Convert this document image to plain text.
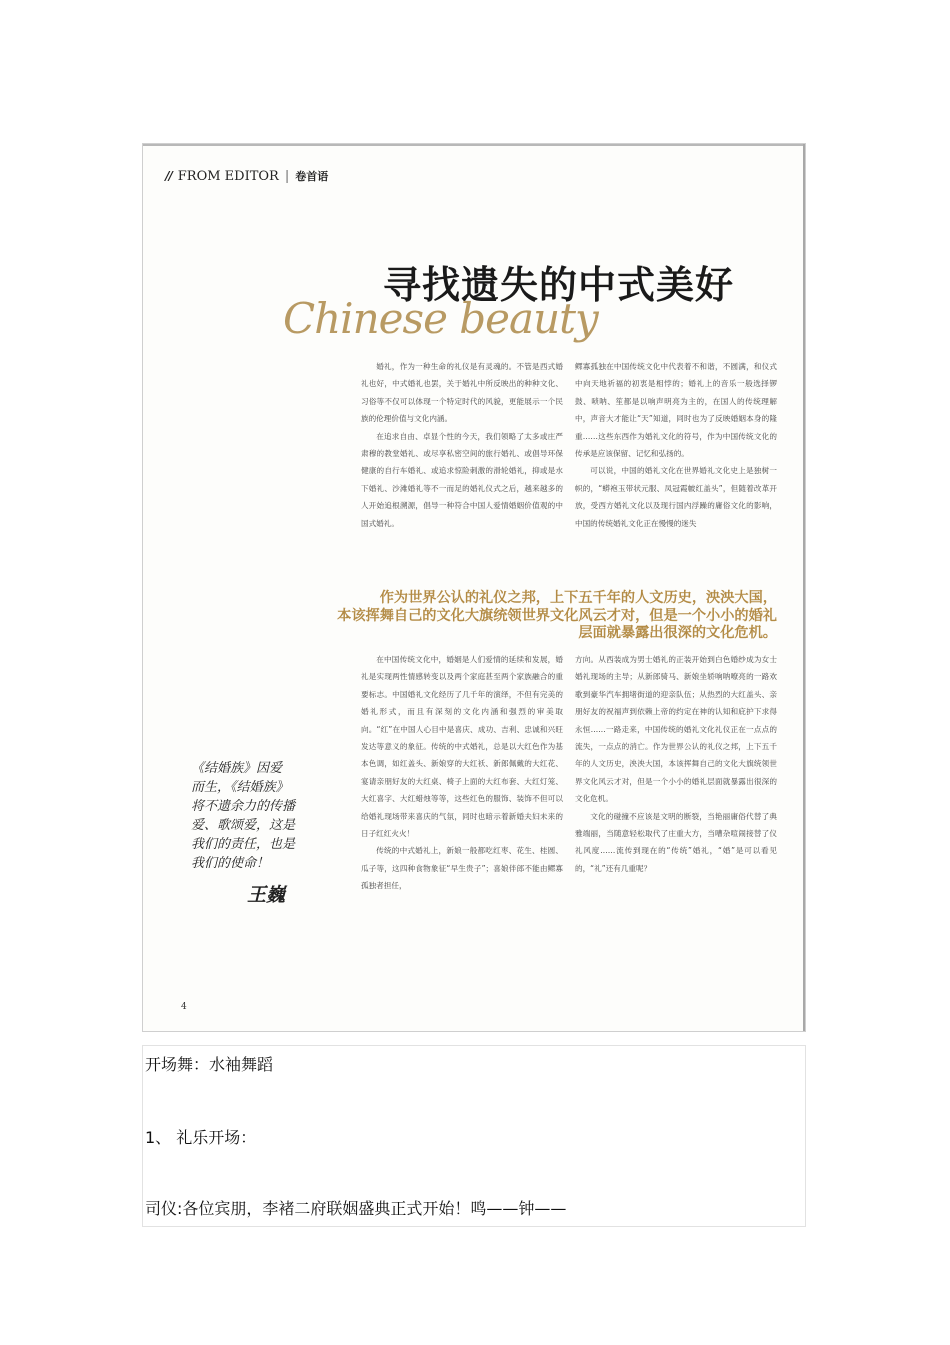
// FROM EDITOR | 卷首语
寻找遗失的中式美好
Chinese beauty

婚礼，作为一种生命的礼仪是有灵魂的。不管是西式婚礼也好，中式婚礼也罢，关于婚礼中所反映出的种种文化、习俗等不仅可以体现一个特定时代的风貌，更能展示一个民族的伦理价值与文化内涵。

在追求自由、卓显个性的今天，我们领略了太多或庄严肃穆的教堂婚礼、或尽享私密空间的旅行婚礼、或倡导环保健康的自行车婚礼、或追求惊险刺激的滑轮婚礼，抑或是水下婚礼、沙滩婚礼等不一而足的婚礼仪式之后，越来越多的人开始追根溯源，倡导一种符合中国人爱情婚姻价值观的中国式婚礼。

鳏寡孤独在中国传统文化中代表着不和谐，不圆满，和仪式中向天地祈福的初衷是相悖的；婚礼上的音乐一般选择锣鼓、唢呐、笙都是以响声明亮为主的，在国人的传统理解中，声音大才能让“天”知道，同时也为了反映婚姻本身的隆重……这些东西作为婚礼文化的符号，作为中国传统文化的传承是应该保留、记忆和弘扬的。

可以说，中国的婚礼文化在世界婚礼文化史上是独树一帜的，“蟒袍玉带状元服、凤冠霞帔红盖头”，但随着改革开放，受西方婚礼文化以及现行国内浮躁的庸俗文化的影响，中国的传统婚礼文化正在慢慢的迷失

作为世界公认的礼仪之邦，上下五千年的人文历史，泱泱大国，
本该挥舞自己的文化大旗统领世界文化风云才对，但是一个小小的婚礼
层面就暴露出很深的文化危机。

在中国传统文化中，婚姻是人们爱情的延续和发展，婚礼是实现两性情感转变以及两个家庭甚至两个家族融合的重要标志。中国婚礼文化经历了几千年的演绎，不但有完美的婚礼形式，而且有深刻的文化内涵和强烈的审美取向。“红”在中国人心目中是喜庆、成功、吉利、忠诚和兴旺发达等意义的象征。传统的中式婚礼，总是以大红色作为基本色调，如红盖头、新娘穿的大红袄、新郎佩戴的大红花、宴请亲朋好友的大红桌、椅子上面的大红布套、大红灯笼、大红喜字、大红蜡烛等等，这些红色的服饰、装饰不但可以给婚礼现场带来喜庆的气氛，同时也暗示着新婚夫妇未来的日子红红火火！

传统的中式婚礼上，新娘一般都吃红枣、花生、桂圆、瓜子等，这四种食物象征“早生贵子”；喜娘伴郎不能由鳏寡孤独者担任，

方向。从西装成为男士婚礼的正装开始到白色婚纱成为女士婚礼现场的主导；从新郎骑马、新娘坐轿响呐嘹亮的一路欢歌到豪华汽车拥堵街道的迎亲队伍；从热烈的大红盖头、亲朋好友的祝福声到依赖上帝的约定在神的认知和庇护下求得永恒……一路走来，中国传统的婚礼文化礼仪正在一点点的流失，一点点的消亡。作为世界公认的礼仪之邦，上下五千年的人文历史，泱泱大国，本该挥舞自己的文化大旗统领世界文化风云才对，但是一个小小的婚礼层面就暴露出很深的文化危机。

文化的碰撞不应该是文明的断裂，当艳丽庸俗代替了典雅端丽，当随意轻松取代了庄重大方，当嘈杂喧闹接替了仪礼风度……流传到现在的“传统”婚礼，“婚”是可以看见的，“礼”还有几重呢？

《结婚族》因爱
而生，《结婚族》
将不遗余力的传播
爱、歌颂爱，这是
我们的责任，也是
我们的使命！
王巍
4
开场舞：水袖舞蹈
1、 礼乐开场：
司仪:各位宾朋，李褚二府联姻盛典正式开始！鸣——钟——
